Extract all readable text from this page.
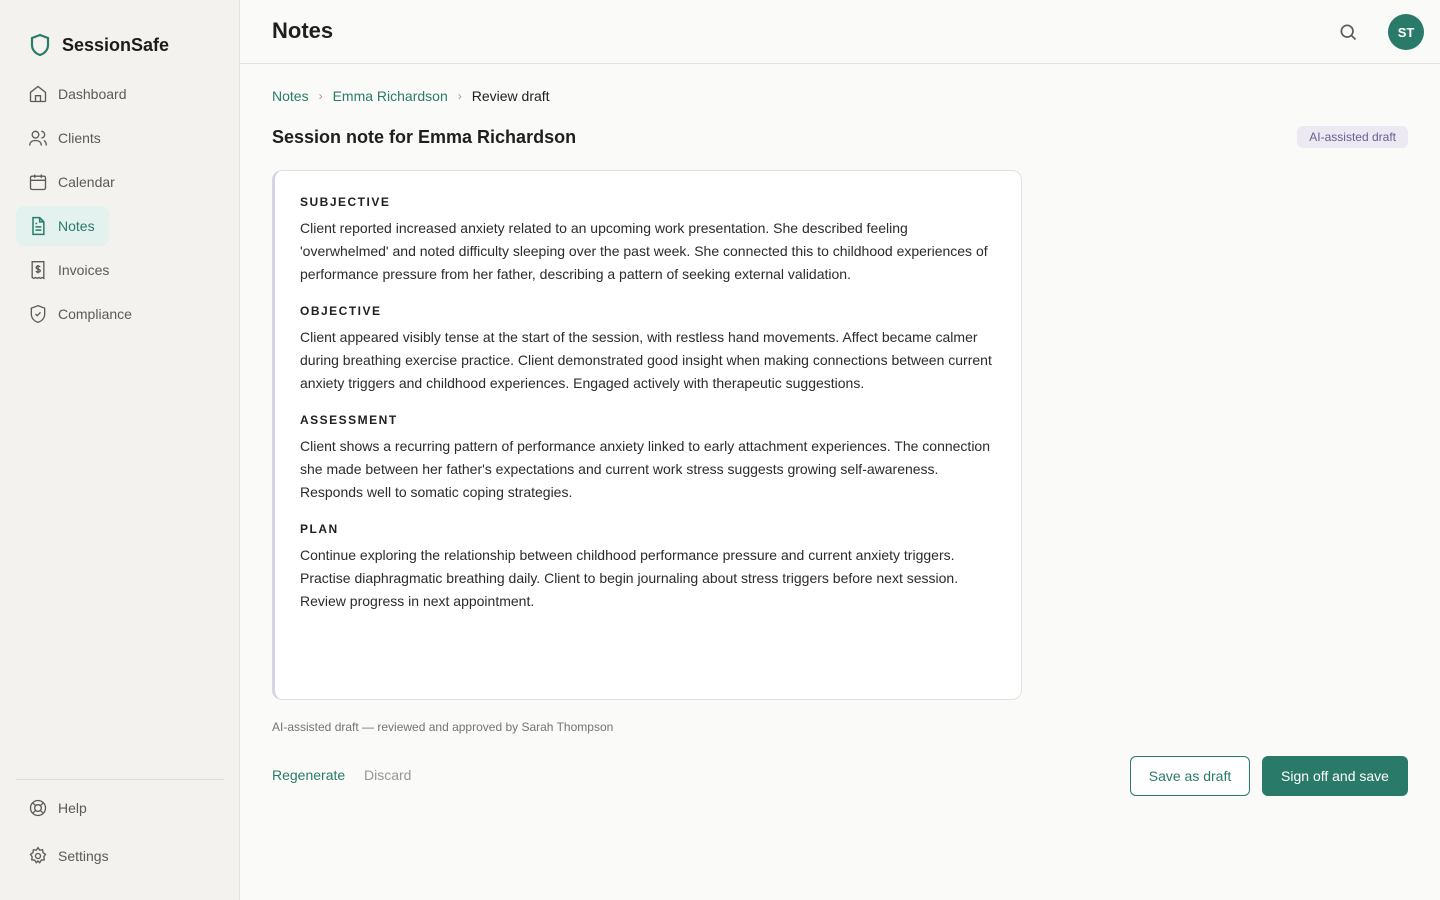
SessionSafe
Dashboard
Clients
Calendar
Notes
Invoices
Compliance
Help
Settings
Notes	ST
Notes › Emma Richardson › Review draft
Session note for Emma Richardson	AI-assisted draft
SUBJECTIVE

Client reported increased anxiety related to an upcoming work presentation. She described feeling 'overwhelmed' and noted difficulty sleeping over the past week. She connected this to childhood experiences of performance pressure from her father, describing a pattern of seeking external validation.

OBJECTIVE

Client appeared visibly tense at the start of the session, with restless hand movements. Affect became calmer during breathing exercise practice. Client demonstrated good insight when making connections between current anxiety triggers and childhood experiences. Engaged actively with therapeutic suggestions.

ASSESSMENT

Client shows a recurring pattern of performance anxiety linked to early attachment experiences. The connection she made between her father's expectations and current work stress suggests growing self-awareness. Responds well to somatic coping strategies.

PLAN

Continue exploring the relationship between childhood performance pressure and current anxiety triggers. Practise diaphragmatic breathing daily. Client to begin journaling about stress triggers before next session. Review progress in next appointment.

AI-assisted draft — reviewed and approved by Sarah Thompson
Regenerate Discard	Save as draft	Sign off and save
